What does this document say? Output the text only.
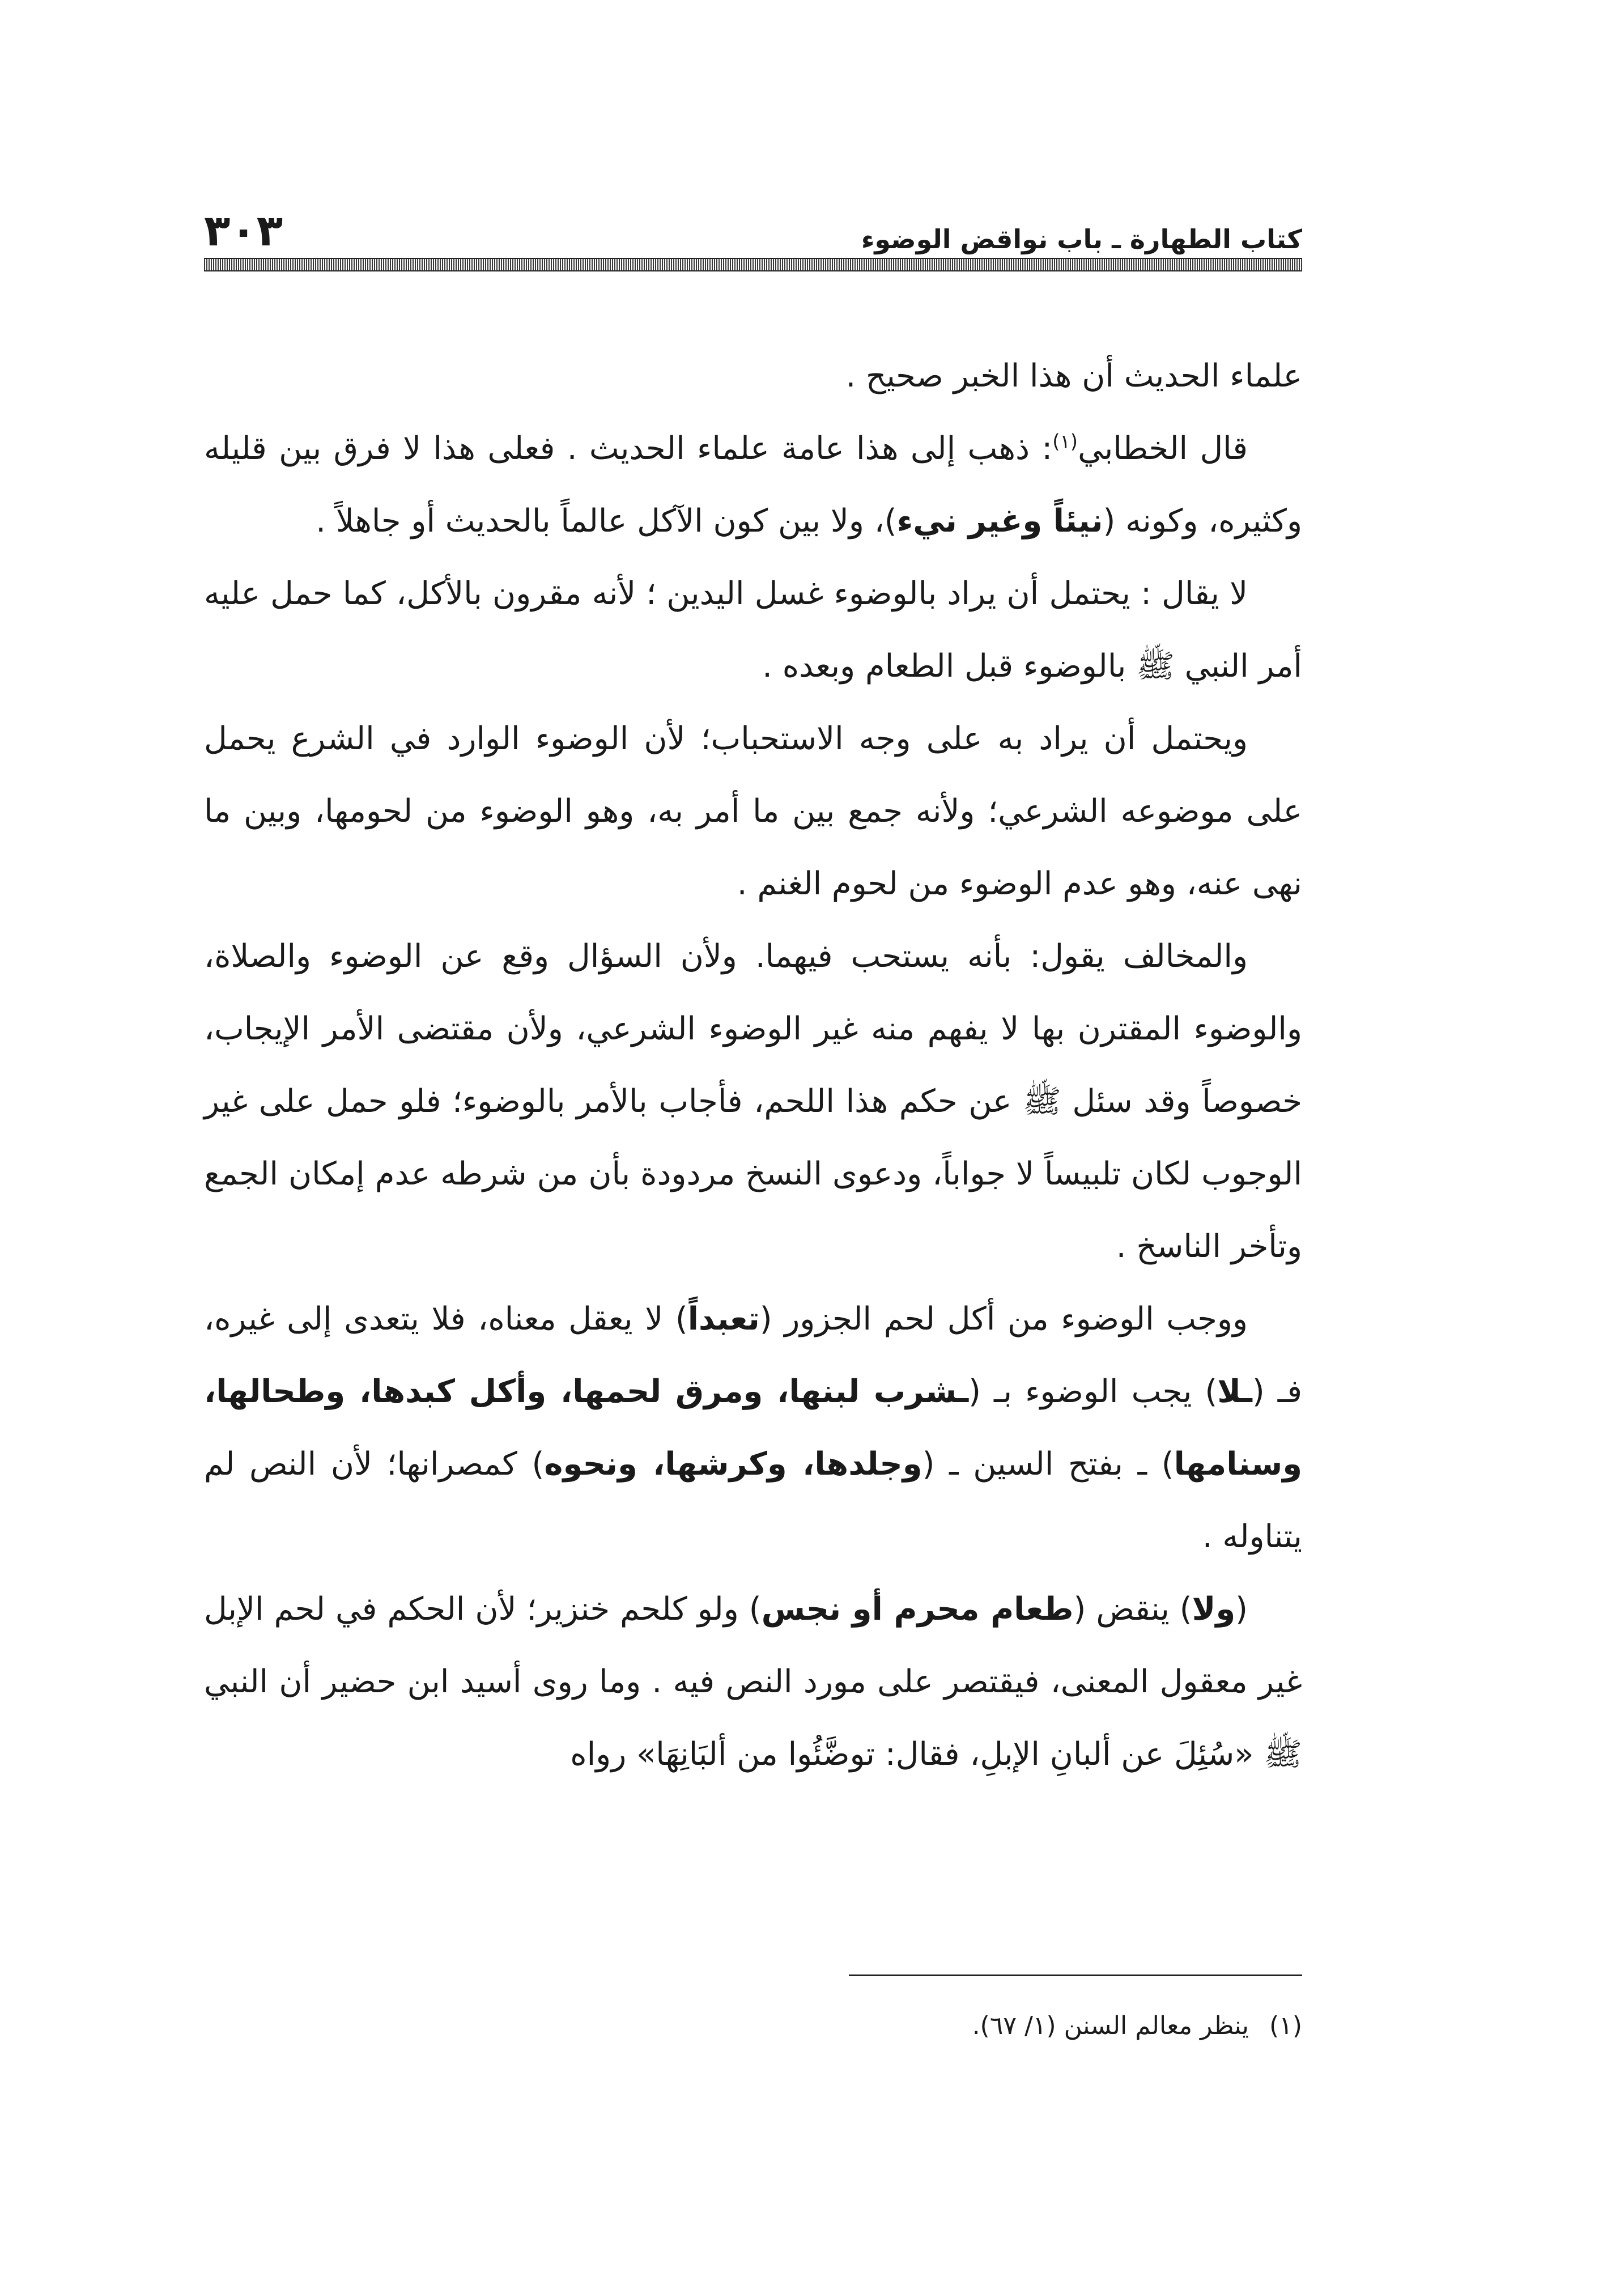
كتاب الطهارة ـ باب نواقض الوضوء
٣٠٣

علماء الحديث أن هذا الخبر صحيح .

قال الخطابي$^{(١)}$: ذهب إلى هذا عامة علماء الحديث . فعلى هذا لا فرق بين قليله وكثيره، وكونه (نيئاً وغير نيء)، ولا بين كون الآكل عالماً بالحديث أو جاهلاً .

لا يقال : يحتمل أن يراد بالوضوء غسل اليدين ؛ لأنه مقرون بالأكل، كما حمل عليه أمر النبي ﷺ بالوضوء قبل الطعام وبعده .

ويحتمل أن يراد به على وجه الاستحباب؛ لأن الوضوء الوارد في الشرع يحمل على موضوعه الشرعي؛ ولأنه جمع بين ما أمر به، وهو الوضوء من لحومها، وبين ما نهى عنه، وهو عدم الوضوء من لحوم الغنم .

والمخالف يقول: بأنه يستحب فيهما. ولأن السؤال وقع عن الوضوء والصلاة، والوضوء المقترن بها لا يفهم منه غير الوضوء الشرعي، ولأن مقتضى الأمر الإيجاب، خصوصاً وقد سئل ﷺ عن حكم هذا اللحم، فأجاب بالأمر بالوضوء؛ فلو حمل على غير الوجوب لكان تلبيساً لا جواباً، ودعوى النسخ مردودة بأن من شرطه عدم إمكان الجمع وتأخر الناسخ .

ووجب الوضوء من أكل لحم الجزور (تعبداً) لا يعقل معناه، فلا يتعدى إلى غيره، فـ (ـلا) يجب الوضوء بـ (ـشرب لبنها، ومرق لحمها، وأكل كبدها، وطحالها، وسنامها) ـ بفتح السين ـ (وجلدها، وكرشها، ونحوه) كمصرانها؛ لأن النص لم يتناوله .

(ولا) ينقض (طعام محرم أو نجس) ولو كلحم خنزير؛ لأن الحكم في لحم الإبل غير معقول المعنى، فيقتصر على مورد النص فيه . وما روى أسيد ابن حضير أن النبي ﷺ «سُئِلَ عن ألبانِ الإبلِ، فقال: توضَّئُوا من ألبَانِهَا» رواه

(١)ينظر معالم السنن (١/ ٦٧).
